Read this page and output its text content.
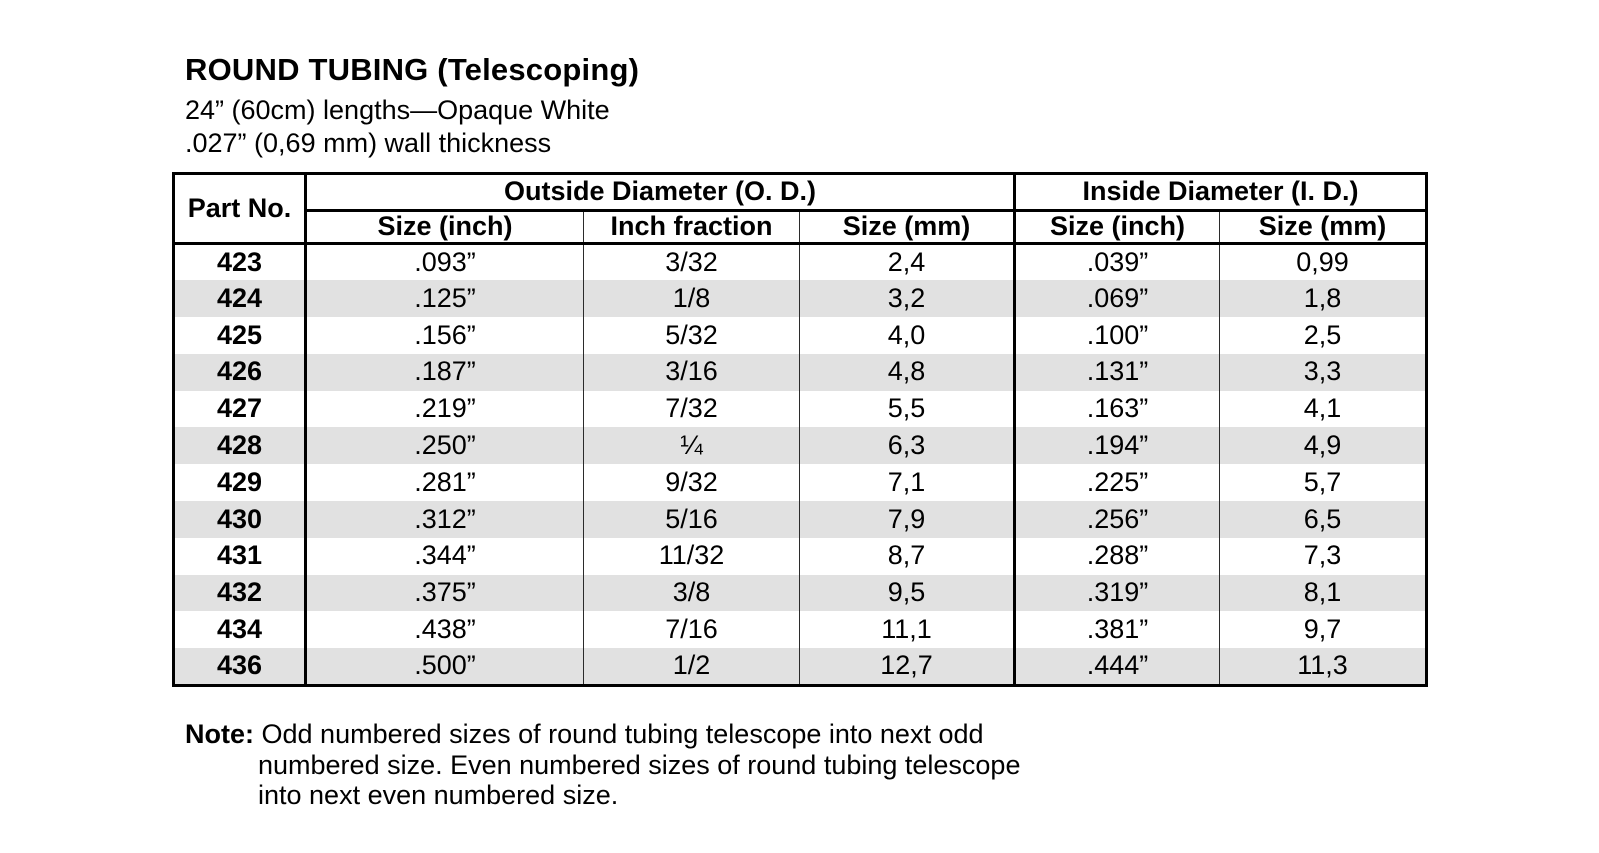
ROUND TUBING (Telescoping)

24” (60cm) lengths—Opaque White

.027” (0,69 mm) wall thickness

Part No.	Outside Diameter (O. D.)			Inside Diameter (I. D.)	
	Size (inch)	Inch fraction	Size (mm)	Size (inch)	Size (mm)
423	.093”	3/32	2,4	.039”	0,99
424	.125”	1/8	3,2	.069”	1,8
425	.156”	5/32	4,0	.100”	2,5
426	.187”	3/16	4,8	.131”	3,3
427	.219”	7/32	5,5	.163”	4,1
428	.250”	¼	6,3	.194”	4,9
429	.281”	9/32	7,1	.225”	5,7
430	.312”	5/16	7,9	.256”	6,5
431	.344”	11/32	8,7	.288”	7,3
432	.375”	3/8	9,5	.319”	8,1
434	.438”	7/16	11,1	.381”	9,7
436	.500”	1/2	12,7	.444”	11,3

Note: Odd numbered sizes of round tubing telescope into next odd

numbered size. Even numbered sizes of round tubing telescope

into next even numbered size.
